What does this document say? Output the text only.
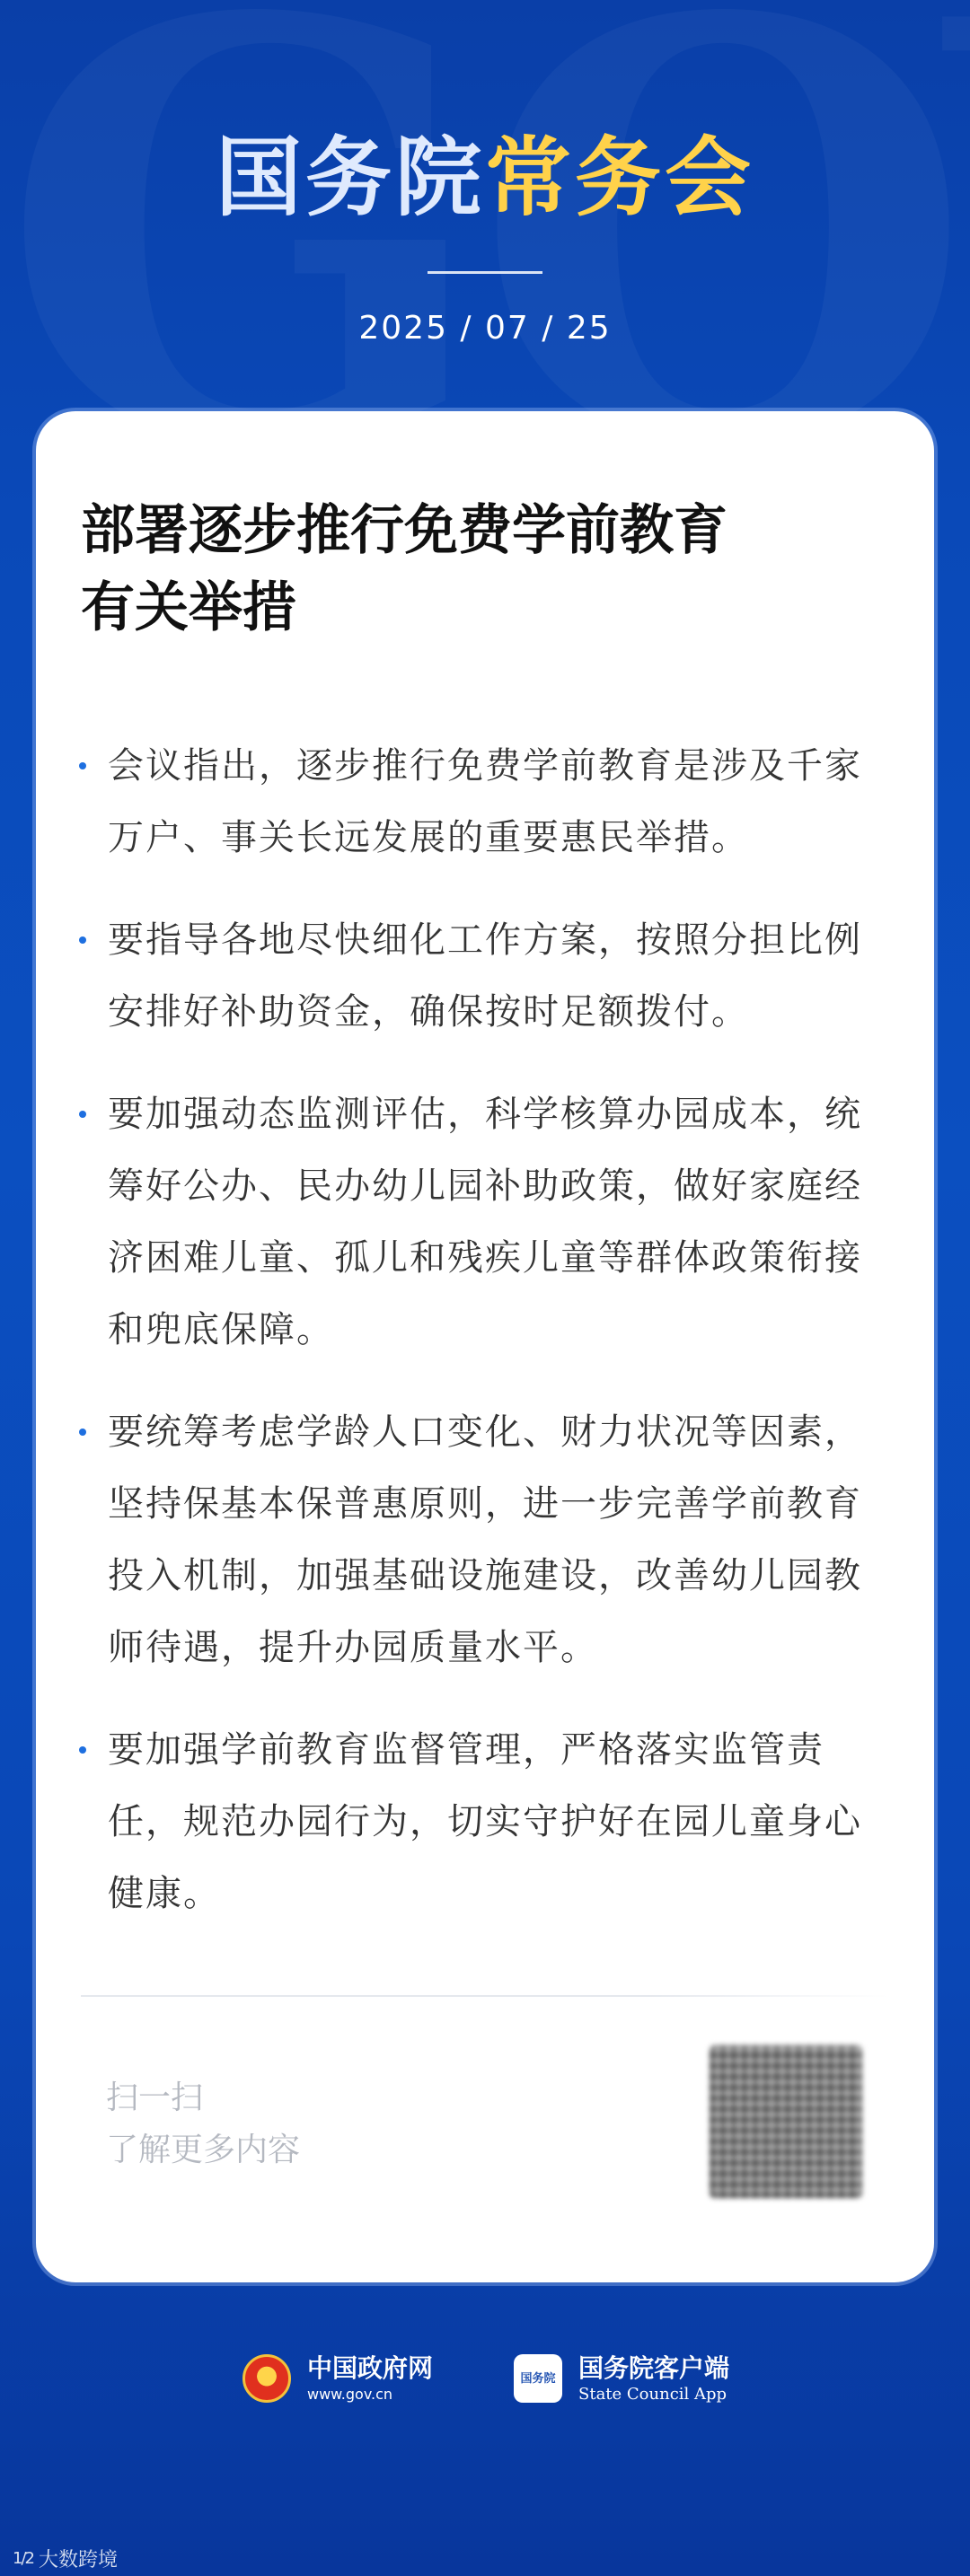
国务院常务会
2025 / 07 / 25
部署逐步推行免费学前教育
有关举措
会议指出，逐步推行免费学前教育是涉及千家万户、事关长远发展的重要惠民举措。
要指导各地尽快细化工作方案，按照分担比例安排好补助资金，确保按时足额拨付。
要加强动态监测评估，科学核算办园成本，统筹好公办、民办幼儿园补助政策，做好家庭经济困难儿童、孤儿和残疾儿童等群体政策衔接和兜底保障。
要统筹考虑学龄人口变化、财力状况等因素，坚持保基本保普惠原则，进一步完善学前教育投入机制，加强基础设施建设，改善幼儿园教师待遇，提升办园质量水平。
要加强学前教育监督管理，严格落实监管责任，规范办园行为，切实守护好在园儿童身心健康。
扫一扫
了解更多内容
中国政府网
www.gov.cn
国务院 国务院客户端
State Council App
1/2 大数跨境
